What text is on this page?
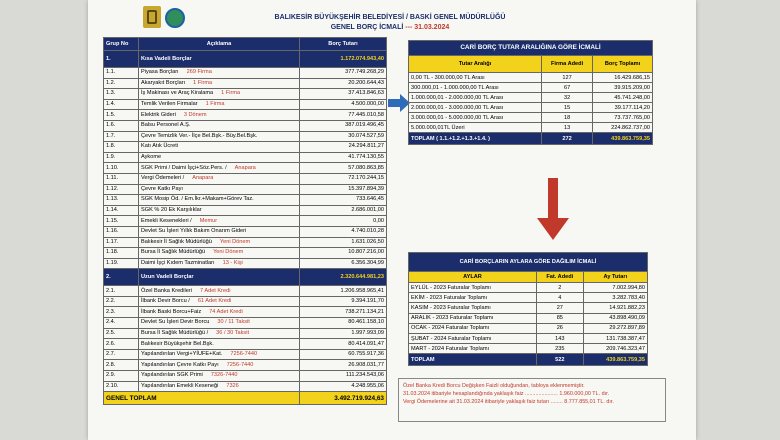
BALIKESİR BÜYÜKŞEHİR BELEDİYESİ / BASKİ GENEL MÜDÜRLÜĞÜ
GENEL BORÇ İCMALİ --- 31.03.2024
Grup No	Açıklama	Borç Tutarı
1.	Kısa Vadeli Borçlar	1.172.074.943,40
1.1.	Piyasa Borçları 269 Firma	377.749.268,29
1.2.	Akaryakıt Borçları 1 Firma	20.200.644,43
1.3.	İş Makinası ve Araç Kiralama 1 Firma	37.413.846,63
1.4.	Temlik Verilen Firmalar 1 Firma	4.500.000,00
1.5.	Elektrik Gideri 3 Dönem	77.445.010,58
1.6.	Balsu Personel A.Ş.	387.019.496,45
1.7.	Çevre Temizlik Ver.- İlçe Bel.Bşk.- Büy.Bel.Bşk.	30.074.527,59
1.8.	Katı Atık Ücreti	24.294.811,27
1.9.	Aykome	41.774.130,55
1.10.	SGK Primi / Daimi İşçi+Söz.Pers. / Anapara	57.080.863,85
1.11.	Vergi Ödemeleri / Anapara	72.170.244,15
1.12.	Çevre Katkı Payı	15.397.894,39
1.13.	SGK Mosip Öd. / Em.İkr.+Makam+Görev Taz.	733.646,45
1.14.	SGK % 20 Ek Karşılıklar	2.686.001,00
1.15.	Emekli Keseneklerі / Memur	0,00
1.16.	Devlet Su İşleri Yıllık Bakım Onarım Gideri	4.740.010,28
1.17.	Balıkesir İl Sağlık Müdürlüğü Yeni Dönem	1.631.026,50
1.18.	Bursa İl Sağlık Müdürlüğü Yeni Dönem	10.807.216,00
1.19.	Daimi İşçi Kıdem Tazminatları 13 - Kişi	6.356.304,99
2.	Uzun Vadeli Borçlar	2.320.644.981,23
2.1.	Özel Banka Kredileri 7 Adet Kredi	1.206.958.965,41
2.2.	İlbank Devir Borcu / 61 Adet Kredi	9.394.191,70
2.3.	İlbank Baski Borcu+Faiz 74 Adet Kredi	738.271.134,21
2.4.	Devlet Su İşleri Devir Borcu 30 / 11 Taksit	80.461.158,10
2.5.	Bursa İl Sağlık Müdürlüğü / 36 / 30 Taksit	1.997.993,09
2.6.	Balıkesir Büyükşehir Bel.Bşk.	80.414.091,47
2.7.	Yapılandırılan Vergi+YİUFE+Kat. 7256-7440	60.755.917,36
2.8.	Yapılandırılan Çevre Katkı Payı 7256-7440	26.908.031,77
2.9.	Yapılandırılan SGK Primi 7326-7440	111.234.543,06
2.10.	Yapılandırılan Emekli Keseneği 7326	4.248.955,06
GENEL TOPLAM		3.492.719.924,63
CARİ BORÇ TUTAR ARALIĞINA GÖRE İCMALİ		
Tutar Aralığı	Firma Adedi	Borç Toplamı
0,00 TL - 300.000,00 TL Arası	127	16.429.686,15
300.000,01 - 1.000.000,00 TL Arası	67	39.915.209,00
1.000.000,01 - 2.000.000,00 TL Arası	32	45.741.248,00
2.000.000,01 - 3.000.000,00 TL Arası	15	39.177.114,20
3.000.000,01 - 5.000.000,00 TL Arası	18	73.737.765,00
5.000.000,01TL Üzeri	13	224.862.737,00
TOPLAM ( 1.1.+1.2.+1.3.+1.4. )	272	439.863.759,35
CARİ BORÇLARIN AYLARA GÖRE DAĞILIM İCMALİ		
AYLAR	Fat. Adedi	Ay Tutarı
EYLÜL - 2023 Faturalar Toplamı	2	7.002.994,80
EKİM - 2023 Faturalar Toplamı	4	3.282.783,40
KASIM - 2023 Faturalar Toplamı	27	14.921.882,23
ARALIK - 2023 Faturalar Toplamı	85	43.898.490,09
OCAK - 2024 Faturalar Toplamı	26	29.272.897,89
ŞUBAT - 2024 Faturalar Toplamı	143	131.738.387,47
MART - 2024 Faturalar Toplamı	235	209.746.323,47
TOPLAM	522	439.863.759,35
Özel Banka Kredi Borcu Değişken Faizli olduğundan, tabloya eklenmemiştir.
31.03.2024 itibariyle hesaplandığında yaklaşık faiz ...................... 1.960.000,00 TL. dır.
Vergi Ödemelerine ait 31.03.2024 itibariyle yaklaşık faiz tutarı ........ 8.777.855,01 TL. dır.
